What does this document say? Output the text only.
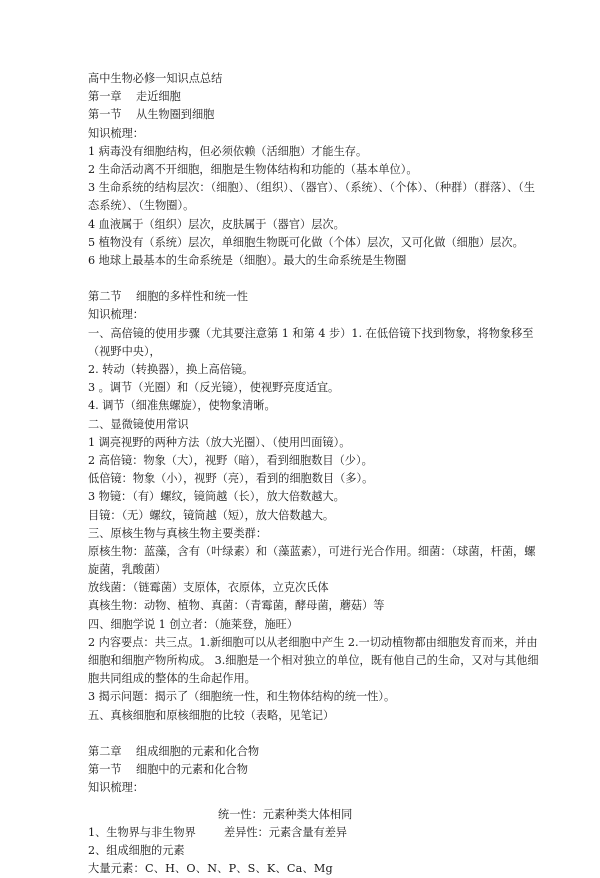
高中生物必修一知识点总结
第一章 走近细胞
第一节 从生物圈到细胞
知识梳理：
1 病毒没有细胞结构，但必须依赖（活细胞）才能生存。
2 生命活动离不开细胞，细胞是生物体结构和功能的（基本单位）。
3 生命系统的结构层次：（细胞）、（组织）、（器官）、（系统）、（个体）、（种群）（群落）、（生
态系统）、（生物圈）。
4 血液属于（组织）层次，皮肤属于（器官）层次。
5 植物没有（系统）层次，单细胞生物既可化做（个体）层次，又可化做（细胞）层次。
6 地球上最基本的生命系统是（细胞）。最大的生命系统是生物圈
第二节 细胞的多样性和统一性
知识梳理：
一、高倍镜的使用步骤（尤其要注意第 1 和第 4 步）1. 在低倍镜下找到物象，将物象移至
（视野中央），
2. 转动（转换器），换上高倍镜。
3 。调节（光圈）和（反光镜），使视野亮度适宜。
4. 调节（细准焦螺旋），使物象清晰。
二、显微镜使用常识
1 调亮视野的两种方法（放大光圈）、（使用凹面镜）。
2 高倍镜：物象（大），视野（暗），看到细胞数目（少）。
低倍镜：物象（小），视野（亮），看到的细胞数目（多）。
3 物镜：（有）螺纹，镜筒越（长），放大倍数越大。
目镜：（无）螺纹，镜筒越（短），放大倍数越大。
三、原核生物与真核生物主要类群：
原核生物：蓝藻，含有（叶绿素）和（藻蓝素），可进行光合作用。细菌：（球菌，杆菌，螺
旋菌，乳酸菌）
放线菌：（链霉菌）支原体，衣原体，立克次氏体
真核生物：动物、植物、真菌：（青霉菌，酵母菌，蘑菇）等
四、细胞学说 1 创立者：（施莱登，施旺）
2 内容要点：共三点。1.新细胞可以从老细胞中产生 2.一切动植物都由细胞发育而来，并由
细胞和细胞产物所构成。 3.细胞是一个相对独立的单位，既有他自己的生命，又对与其他细
胞共同组成的整体的生命起作用。
3 揭示问题：揭示了（细胞统一性，和生物体结构的统一性）。
五、真核细胞和原核细胞的比较（表略，见笔记）
第二章 组成细胞的元素和化合物
第一节 细胞中的元素和化合物
知识梳理：
统一性：元素种类大体相同
1、生物界与非生物界	差异性：元素含量有差异
2、组成细胞的元素
大量元素：C、H、O、N、P、S、K、Ca、Mg
